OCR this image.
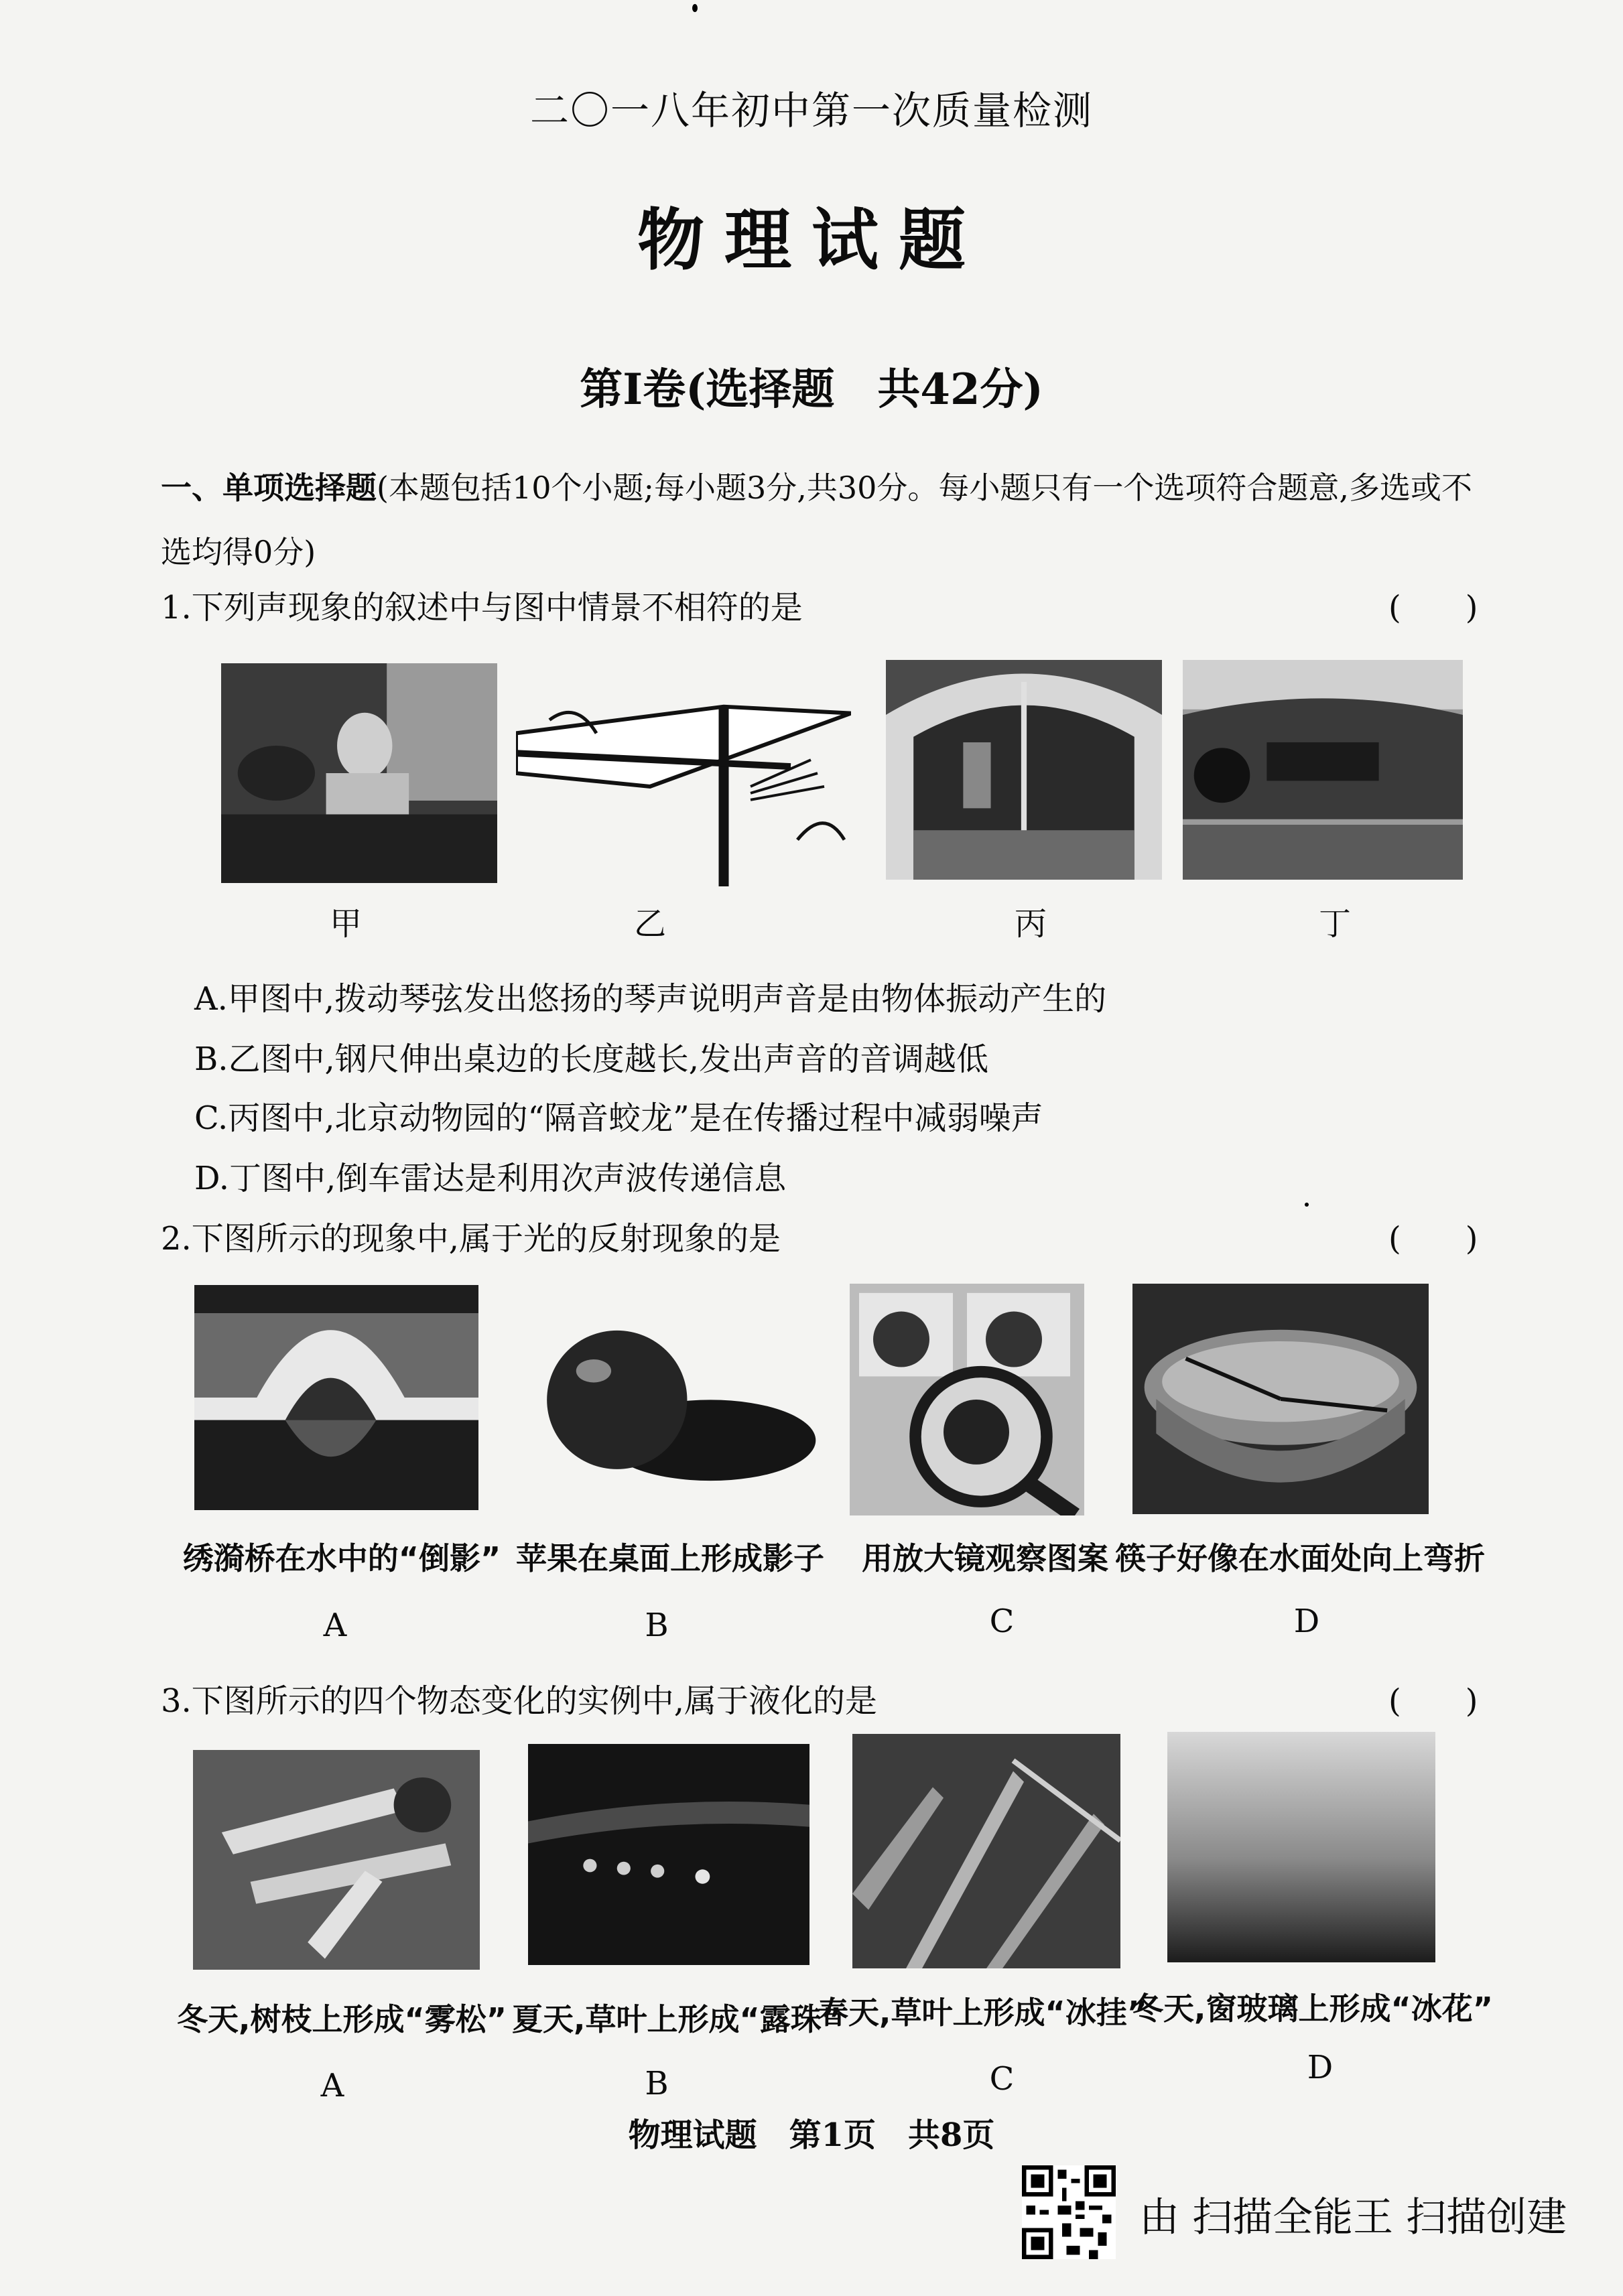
二〇一八年初中第一次质量检测
物理试题
第Ⅰ卷(选择题　共42分)
一、单项选择题(本题包括10个小题;每小题3分,共30分。每小题只有一个选项符合题意,多选或不选均得0分)
1.下列声现象的叙述中与图中情景不相符的是	(　　)
甲	乙	丙	丁
A.甲图中,拨动琴弦发出悠扬的琴声说明声音是由物体振动产生的
B.乙图中,钢尺伸出桌边的长度越长,发出声音的音调越低
C.丙图中,北京动物园的“隔音蛟龙”是在传播过程中减弱噪声
D.丁图中,倒车雷达是利用次声波传递信息
2.下图所示的现象中,属于光的反射现象的是	(　　)
绣漪桥在水中的“倒影” 苹果在桌面上形成影子	用放大镜观察图案 筷子好像在水面处向上弯折
A	B	C	D
3.下图所示的四个物态变化的实例中,属于液化的是	(　　)
冬天,树枝上形成“雾松” 夏天,草叶上形成“露珠”
春天,草叶上形成“冰挂”
冬天,窗玻璃上形成“冰花”
A	B	C	D
物理试题　第1页　共8页
由 扫描全能王 扫描创建
